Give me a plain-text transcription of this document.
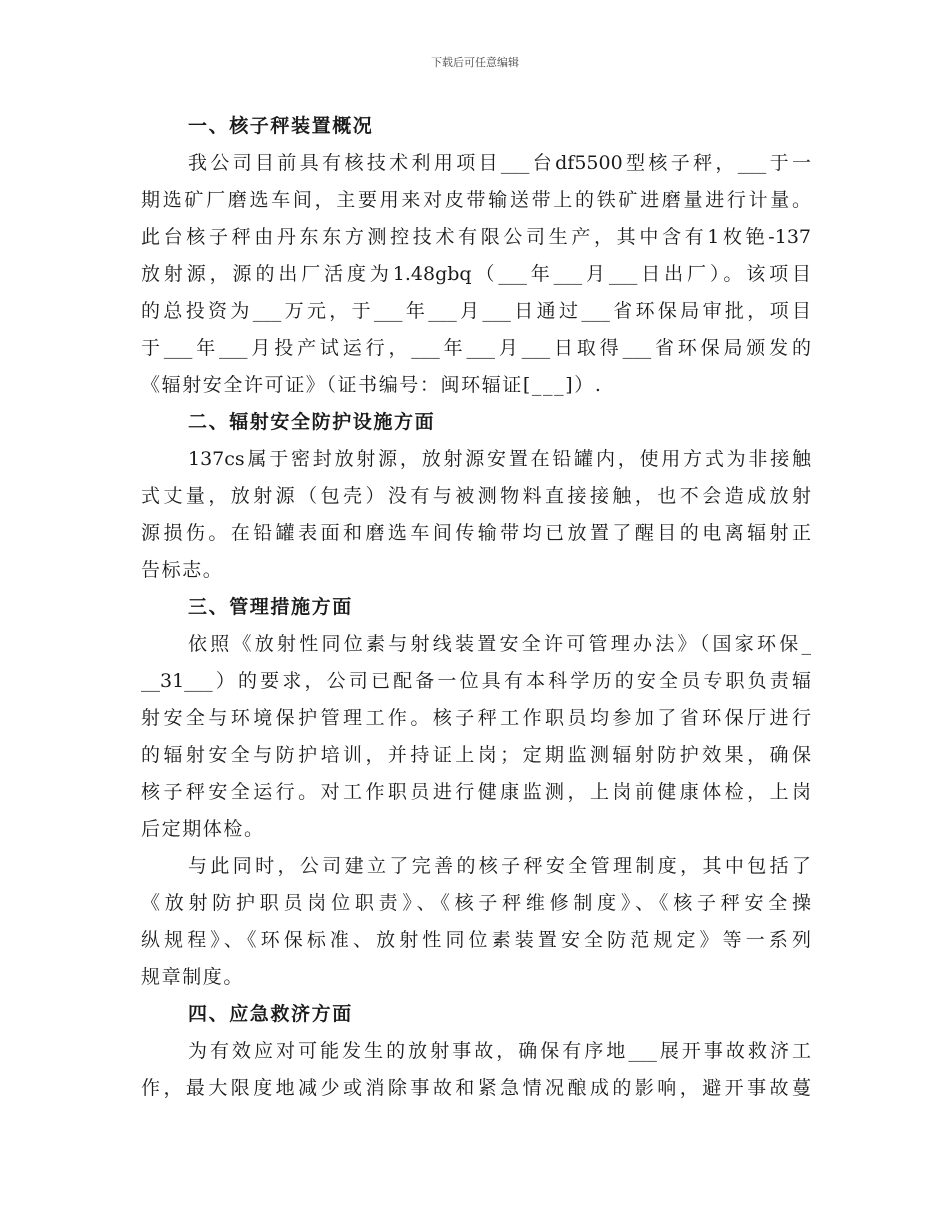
下载后可任意编辑
一、核子秤装置概况
我公司目前具有核技术利用项目___台df5500型核子秤，___于一
期选矿厂磨选车间，主要用来对皮带输送带上的铁矿进磨量进行计量。
此台核子秤由丹东东方测控技术有限公司生产，其中含有1枚铯-137
放射源，源的出厂活度为1.48gbq（___年___月___日出厂）。该项目
的总投资为___万元，于___年___月___日通过___省环保局审批，项目
于___年___月投产试运行，___年___月___日取得___省环保局颁发的
《辐射安全许可证》（证书编号：闽环辐证[___]）.
二、辐射安全防护设施方面
137cs属于密封放射源，放射源安置在铅罐内，使用方式为非接触
式丈量，放射源（包壳）没有与被测物料直接接触，也不会造成放射
源损伤。在铅罐表面和磨选车间传输带均已放置了醒目的电离辐射正
告标志。
三、管理措施方面
依照《放射性同位素与射线装置安全许可管理办法》（国家环保_
__31___）的要求，公司已配备一位具有本科学历的安全员专职负责辐
射安全与环境保护管理工作。核子秤工作职员均参加了省环保厅进行
的辐射安全与防护培训，并持证上岗；定期监测辐射防护效果，确保
核子秤安全运行。对工作职员进行健康监测，上岗前健康体检，上岗
后定期体检。
与此同时，公司建立了完善的核子秤安全管理制度，其中包括了
《放射防护职员岗位职责》、《核子秤维修制度》、《核子秤安全操
纵规程》、《环保标准、放射性同位素装置安全防范规定》等一系列
规章制度。
四、应急救济方面
为有效应对可能发生的放射事故，确保有序地___展开事故救济工
作，最大限度地减少或消除事故和紧急情况酿成的影响，避开事故蔓
